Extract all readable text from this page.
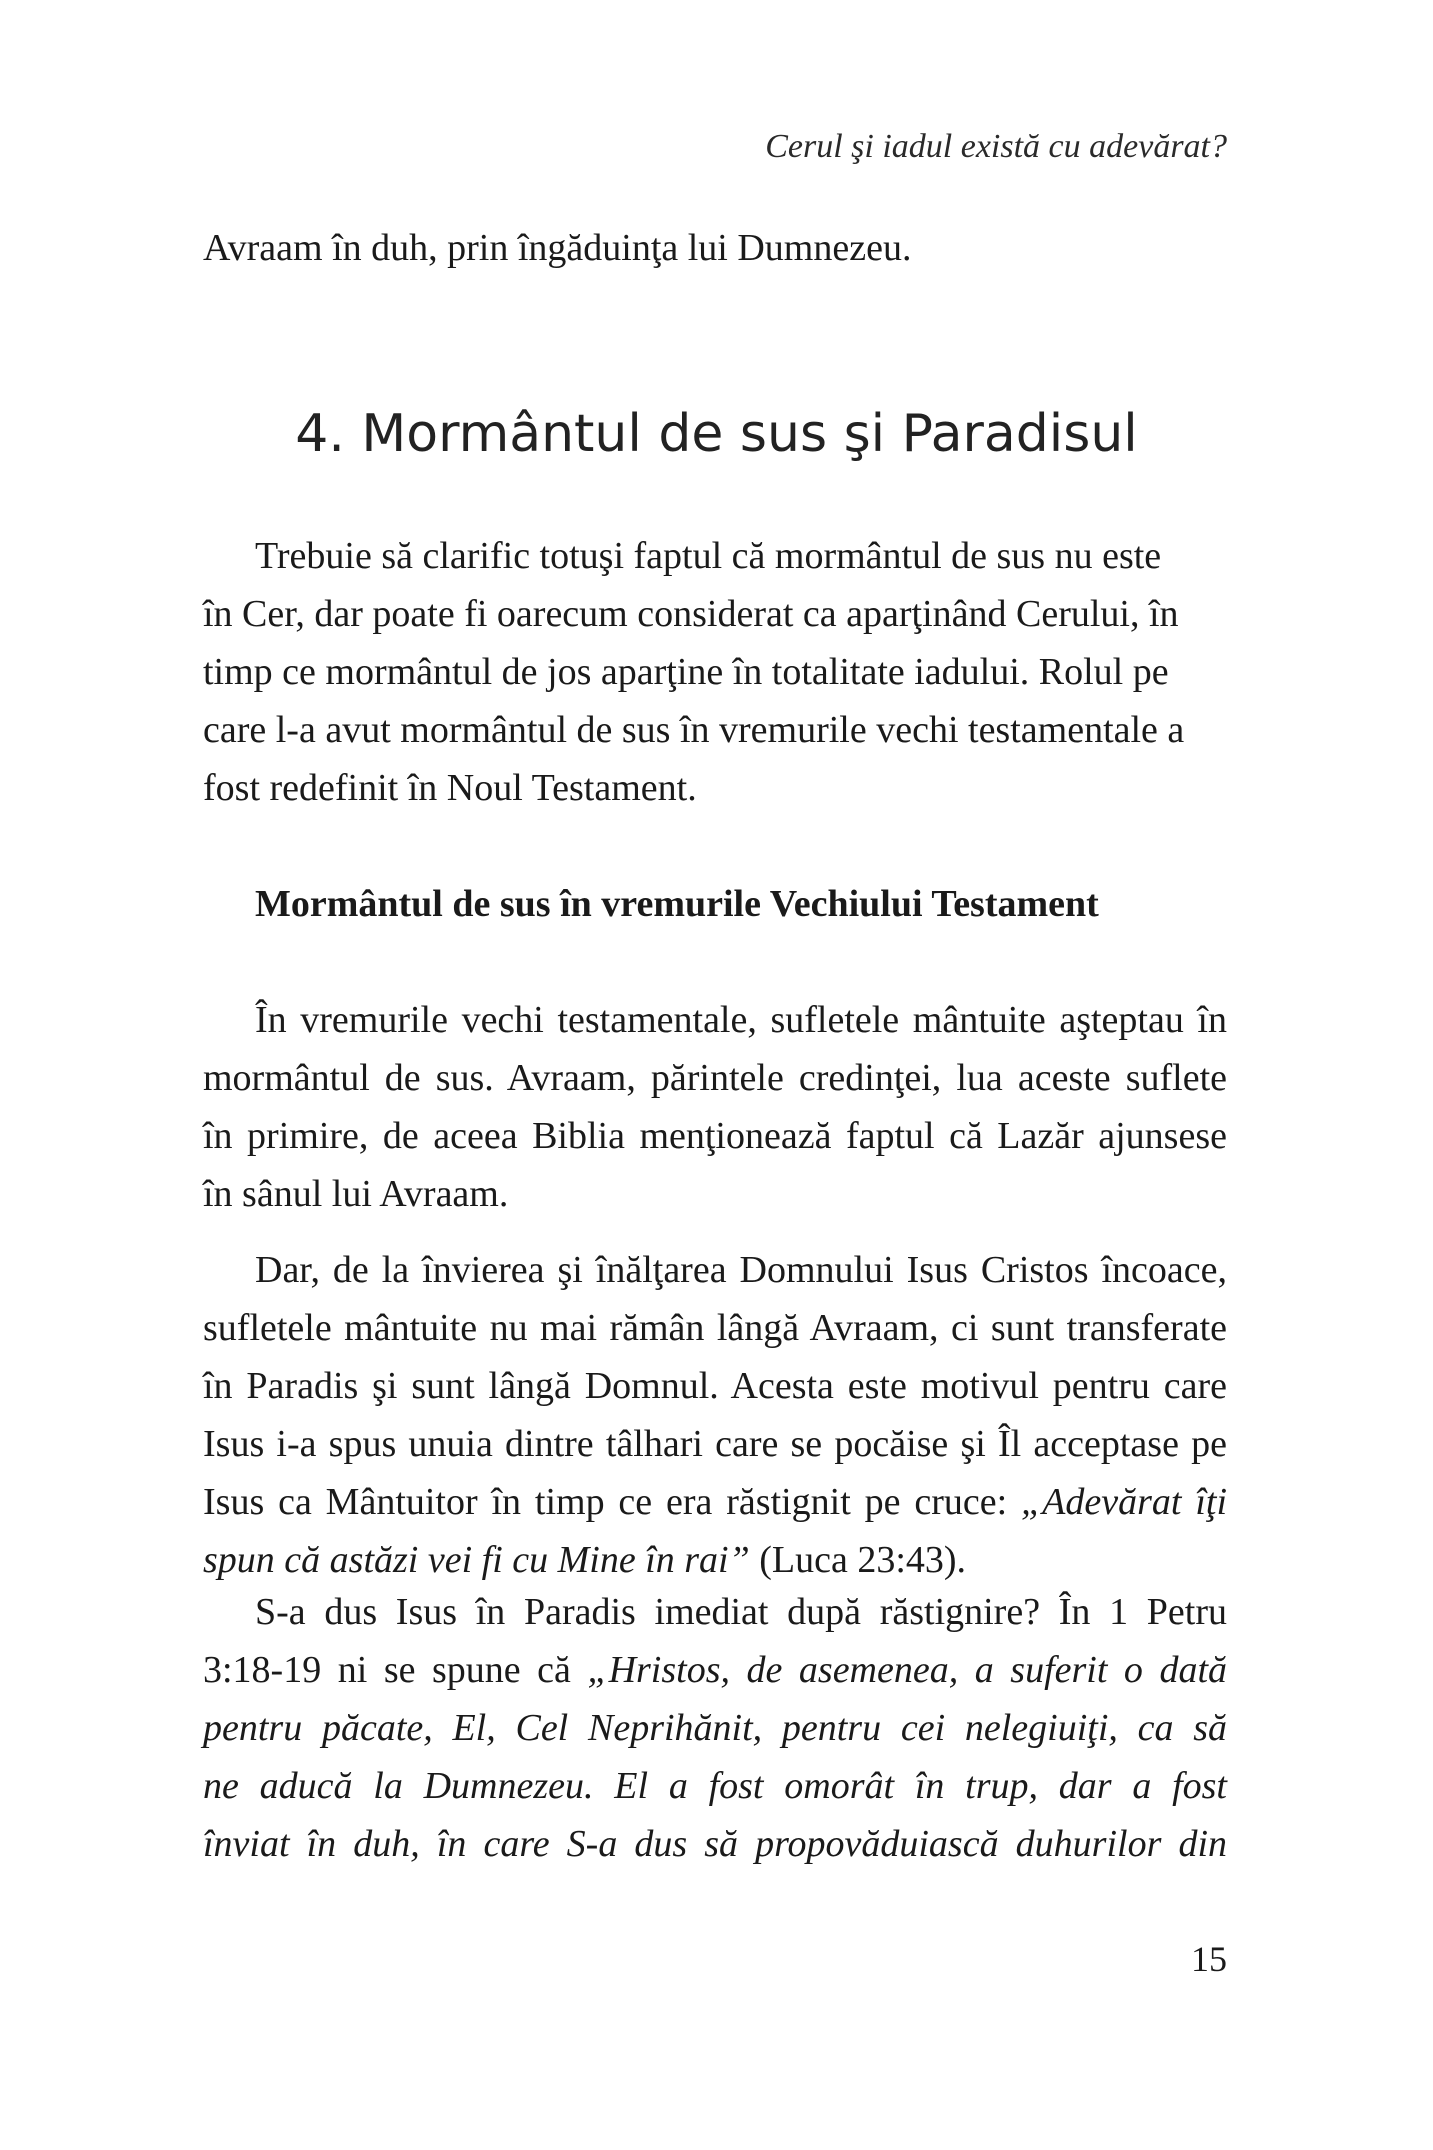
Cerul şi iadul există cu adevărat?
Avraam în duh, prin îngăduinţa lui Dumnezeu.
4. Mormântul de sus şi Paradisul
Trebuie să clarific totuşi faptul că mormântul de sus nu este
în Cer, dar poate fi oarecum considerat ca aparţinând Cerului, în
timp ce mormântul de jos aparţine în totalitate iadului. Rolul pe
care l-a avut mormântul de sus în vremurile vechi testamentale a
fost redefinit în Noul Testament.
Mormântul de sus în vremurile Vechiului Testament
În vremurile vechi testamentale, sufletele mântuite aşteptau în
mormântul de sus. Avraam, părintele credinţei, lua aceste suflete
în primire, de aceea Biblia menţionează faptul că Lazăr ajunsese
în sânul lui Avraam.
Dar, de la învierea şi înălţarea Domnului Isus Cristos încoace,
sufletele mântuite nu mai rămân lângă Avraam, ci sunt transferate
în Paradis şi sunt lângă Domnul. Acesta este motivul pentru care
Isus i-a spus unuia dintre tâlhari care se pocăise şi Îl acceptase pe
Isus ca Mântuitor în timp ce era răstignit pe cruce: „Adevărat îţi
spun că astăzi vei fi cu Mine în rai” (Luca 23:43).
S-a dus Isus în Paradis imediat după răstignire? În 1 Petru
3:18-19 ni se spune că „Hristos, de asemenea, a suferit o dată
pentru păcate, El, Cel Neprihănit, pentru cei nelegiuiţi, ca să
ne aducă la Dumnezeu. El a fost omorât în trup, dar a fost
înviat în duh, în care S-a dus să propovăduiască duhurilor din
15
